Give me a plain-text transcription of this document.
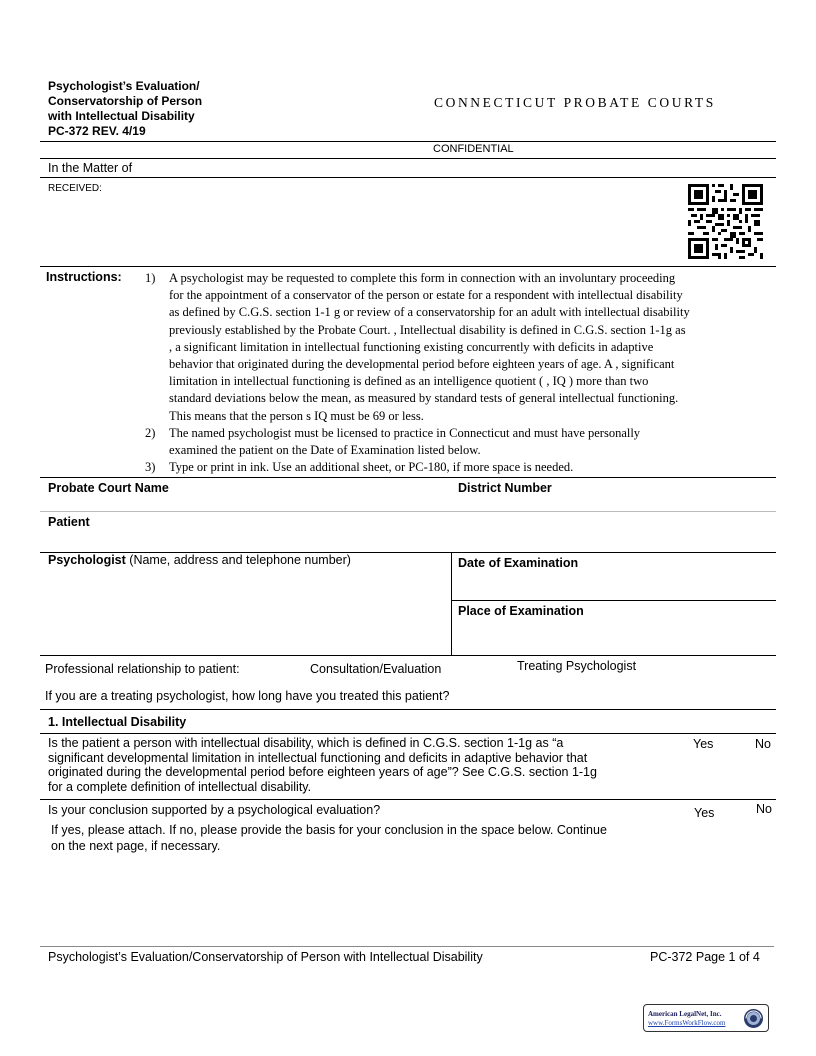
Psychologist’s Evaluation/
Conservatorship of Person
with Intellectual Disability
PC-372 REV. 4/19
CONNECTICUT PROBATE COURTS
CONFIDENTIAL
In the Matter of
RECEIVED:
Instructions: 1)	A psychologist may be requested to complete this form in connection with an involuntary proceeding
for the appointment of a conservator of the person or estate for a respondent with intellectual disability
as defined by C.G.S. section 1-1 g or review of a conservatorship for an adult with intellectual disability
previously established by the Probate Court. , Intellectual disability is defined in C.G.S. section 1-1g as
, a significant limitation in intellectual functioning existing concurrently with deficits in adaptive
behavior that originated during the developmental period before eighteen years of age. A , significant
limitation in intellectual functioning is defined as an intelligence quotient ( , IQ ) more than two
standard deviations below the mean, as measured by standard tests of general intellectual functioning.
This means that the person s IQ must be 69 or less.
2)	The named psychologist must be licensed to practice in Connecticut and must have personally
examined the patient on the Date of Examination listed below.
3)	Type or print in ink. Use an additional sheet, or PC-180, if more space is needed.
Probate Court Name	District Number
Patient
Psychologist (Name, address and telephone number)	Date of Examination
Place of Examination
Professional relationship to patient:	Consultation/Evaluation	Treating Psychologist
If you are a treating psychologist, how long have you treated this patient?
1. Intellectual Disability
Is the patient a person with intellectual disability, which is defined in C.G.S. section 1-1g as “a
significant developmental limitation in intellectual functioning and deficits in adaptive behavior that
originated during the developmental period before eighteen years of age”? See C.G.S. section 1-1g
for a complete definition of intellectual disability.
Yes	No
Is your conclusion supported by a psychological evaluation?	Yes	No
If yes, please attach. If no, please provide the basis for your conclusion in the space below. Continue
on the next page, if necessary.
Psychologist’s Evaluation/Conservatorship of Person with Intellectual Disability	PC-372 Page 1 of 4
American LegalNet, Inc.
www.FormsWorkFlow.com
